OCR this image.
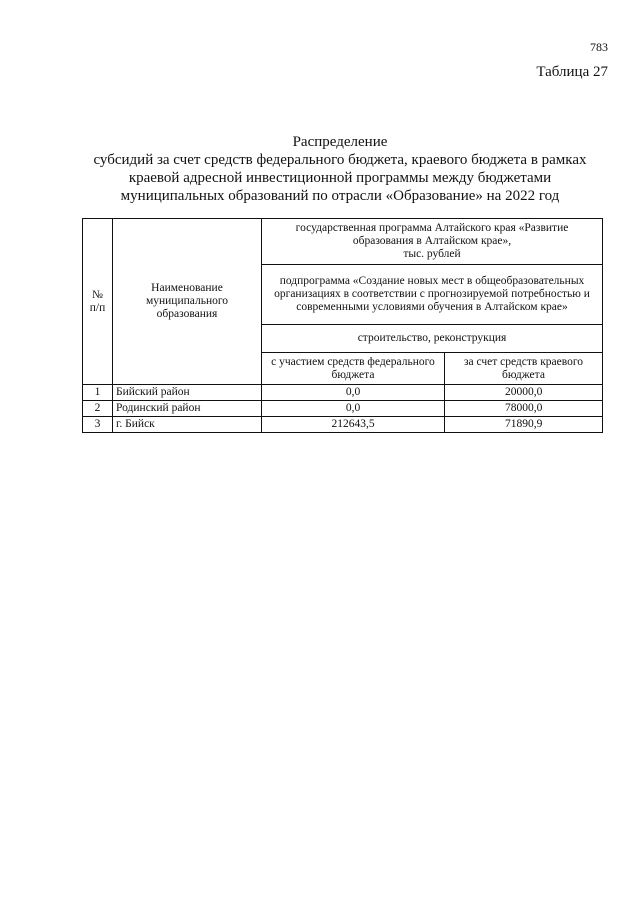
783
Таблица 27
Распределение
субсидий за счет средств федерального бюджета, краевого бюджета в рамках
краевой адресной инвестиционной программы между бюджетами
муниципальных образований по отрасли «Образование» на 2022 год
№ п/п	Наименование муниципального образования	государственная программа Алтайского края «Развитие образования в Алтайском крае»,
тыс. рублей	
		подпрограмма «Создание новых мест в общеобразовательных организациях в соответствии с прогнозируемой потребностью и современными условиями обучения в Алтайском крае»	
		строительство, реконструкция	
		с участием средств федерального бюджета	за счет средств краевого бюджета
1	Бийский район	0,0	20000,0
2	Родинский район	0,0	78000,0
3	г. Бийск	212643,5	71890,9
